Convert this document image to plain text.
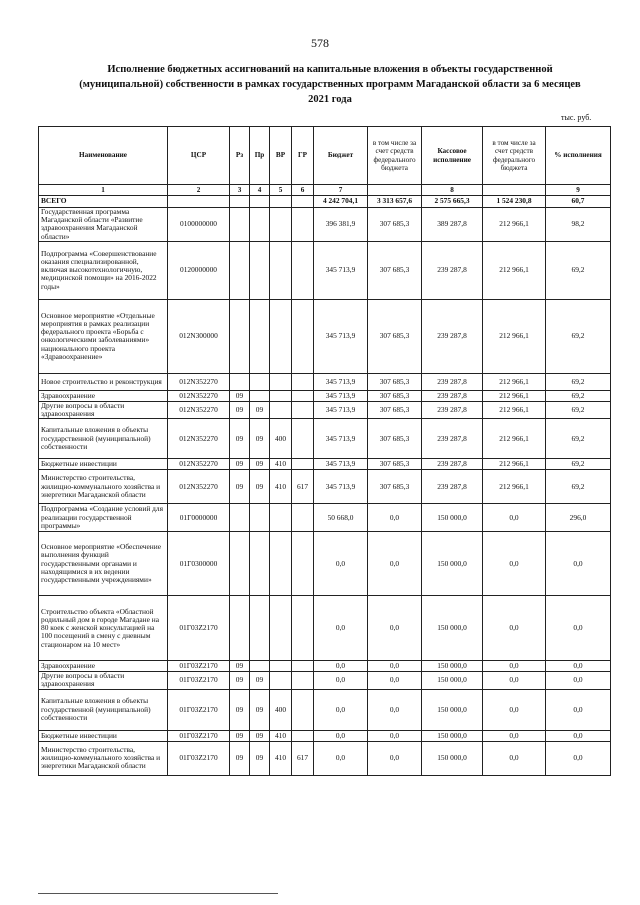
578
Исполнение бюджетных ассигнований на капитальные вложения в объекты государственной (муниципальной) собственности в рамках государственных программ Магаданской области за 6 месяцев 2021 года
тыс. руб.
Наименование	ЦСР	Рз	Пр	ВР	ГР	Бюджет	в том числе за счет средств федерального бюджета	Кассовое исполнение	в том числе за счет средств федерального бюджета	% исполнения
1	2	3	4	5	6	7		8		9
ВСЕГО						4 242 704,1	3 313 657,6	2 575 665,3	1 524 230,8	60,7
Государственная программа Магаданской области «Развитие здравоохранения Магаданской области»	0100000000					396 381,9	307 685,3	389 287,8	212 966,1	98,2
Подпрограмма «Совершенствование оказания специализированной, включая высокотехнологичную, медицинской помощи» на 2016-2022 годы»	0120000000					345 713,9	307 685,3	239 287,8	212 966,1	69,2
Основное мероприятие «Отдельные мероприятия в рамках реализации федерального проекта «Борьба с онкологическими заболеваниями» национального проекта «Здравоохранение»	012N300000					345 713,9	307 685,3	239 287,8	212 966,1	69,2
Новое строительство и реконструкция	012N352270					345 713,9	307 685,3	239 287,8	212 966,1	69,2
Здравоохранение	012N352270	09				345 713,9	307 685,3	239 287,8	212 966,1	69,2
Другие вопросы в области здравоохранения	012N352270	09	09			345 713,9	307 685,3	239 287,8	212 966,1	69,2
Капитальные вложения в объекты государственной (муниципальной) собственности	012N352270	09	09	400		345 713,9	307 685,3	239 287,8	212 966,1	69,2
Бюджетные инвестиции	012N352270	09	09	410		345 713,9	307 685,3	239 287,8	212 966,1	69,2
Министерство строительства, жилищно-коммунального хозяйства и энергетики Магаданской области	012N352270	09	09	410	617	345 713,9	307 685,3	239 287,8	212 966,1	69,2
Подпрограмма «Создание условий для реализации государственной программы»	01Г0000000					50 668,0	0,0	150 000,0	0,0	296,0
Основное мероприятие «Обеспечение выполнения функций государственными органами и находящимися в их ведении государственными учреждениями»	01Г0300000					0,0	0,0	150 000,0	0,0	0,0
Строительство объекта «Областной родильный дом в городе Магадане на 80 коек с женской консультацией на 100 посещений в смену с дневным стационаром на 10 мест»	01Г03Z2170					0,0	0,0	150 000,0	0,0	0,0
Здравоохранение	01Г03Z2170	09				0,0	0,0	150 000,0	0,0	0,0
Другие вопросы в области здравоохранения	01Г03Z2170	09	09			0,0	0,0	150 000,0	0,0	0,0
Капитальные вложения в объекты государственной (муниципальной) собственности	01Г03Z2170	09	09	400		0,0	0,0	150 000,0	0,0	0,0
Бюджетные инвестиции	01Г03Z2170	09	09	410		0,0	0,0	150 000,0	0,0	0,0
Министерство строительства, жилищно-коммунального хозяйства и энергетики Магаданской области	01Г03Z2170	09	09	410	617	0,0	0,0	150 000,0	0,0	0,0
